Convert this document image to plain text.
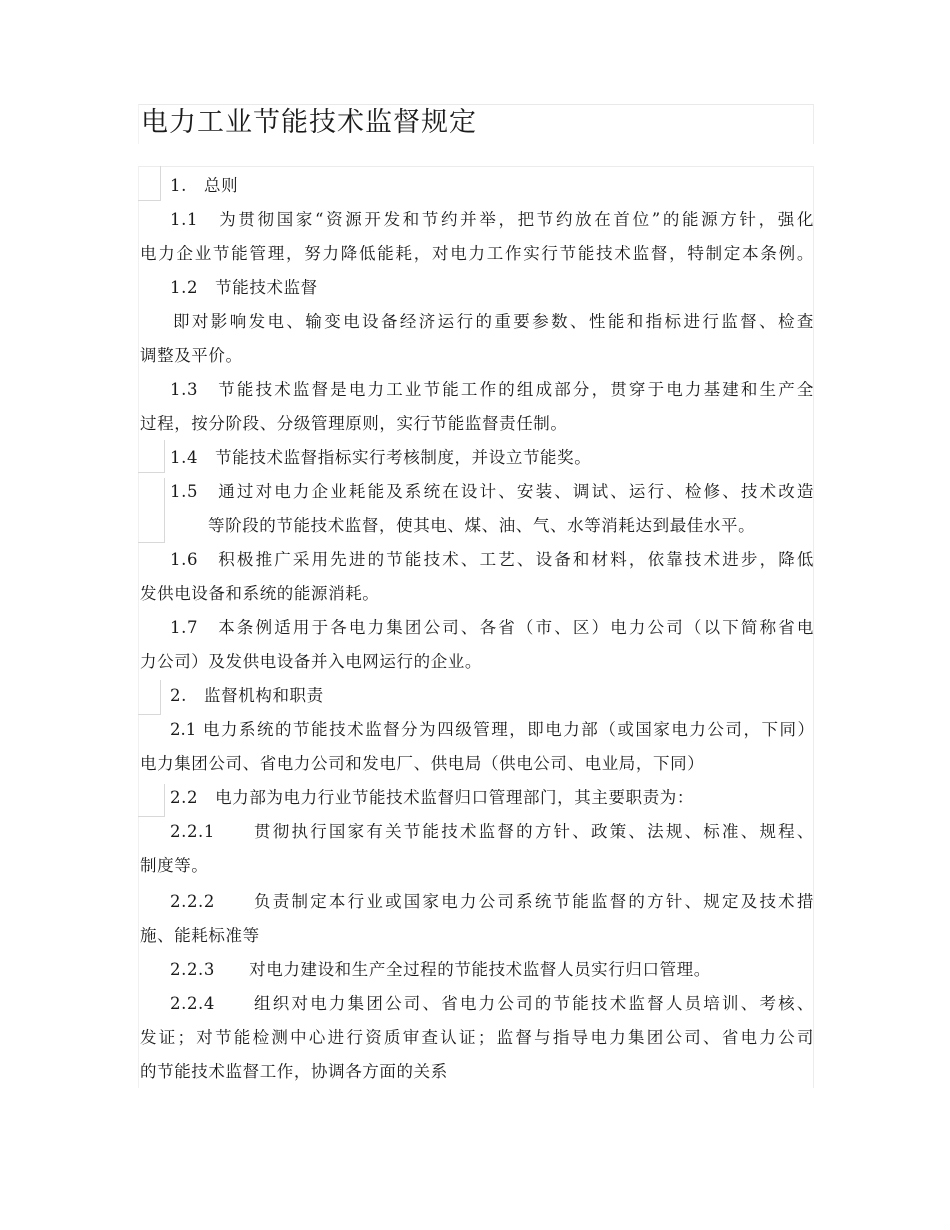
电力工业节能技术监督规定
1.　总则
1.1　为贯彻国家“资源开发和节约并举，把节约放在首位”的能源方针，强化
电力企业节能管理，努力降低能耗，对电力工作实行节能技术监督，特制定本条例。
1.2　节能技术监督
即对影响发电、输变电设备经济运行的重要参数、性能和指标进行监督、检查
调整及平价。
1.3　节能技术监督是电力工业节能工作的组成部分，贯穿于电力基建和生产全
过程，按分阶段、分级管理原则，实行节能监督责任制。
1.4　节能技术监督指标实行考核制度，并设立节能奖。
1.5　通过对电力企业耗能及系统在设计、安装、调试、运行、检修、技术改造
等阶段的节能技术监督，使其电、煤、油、气、水等消耗达到最佳水平。
1.6　积极推广采用先进的节能技术、工艺、设备和材料，依靠技术进步，降低
发供电设备和系统的能源消耗。
1.7　本条例适用于各电力集团公司、各省（市、区）电力公司（以下简称省电
力公司）及发供电设备并入电网运行的企业。
2.　监督机构和职责
2.1 电力系统的节能技术监督分为四级管理，即电力部（或国家电力公司，下同）
电力集团公司、省电力公司和发电厂、供电局（供电公司、电业局，下同）
2.2　电力部为电力行业节能技术监督归口管理部门，其主要职责为：
2.2.1　　贯彻执行国家有关节能技术监督的方针、政策、法规、标准、规程、
制度等。
2.2.2　　负责制定本行业或国家电力公司系统节能监督的方针、规定及技术措
施、能耗标准等
2.2.3　　对电力建设和生产全过程的节能技术监督人员实行归口管理。
2.2.4　　组织对电力集团公司、省电力公司的节能技术监督人员培训、考核、
发证；对节能检测中心进行资质审查认证；监督与指导电力集团公司、省电力公司
的节能技术监督工作，协调各方面的关系
